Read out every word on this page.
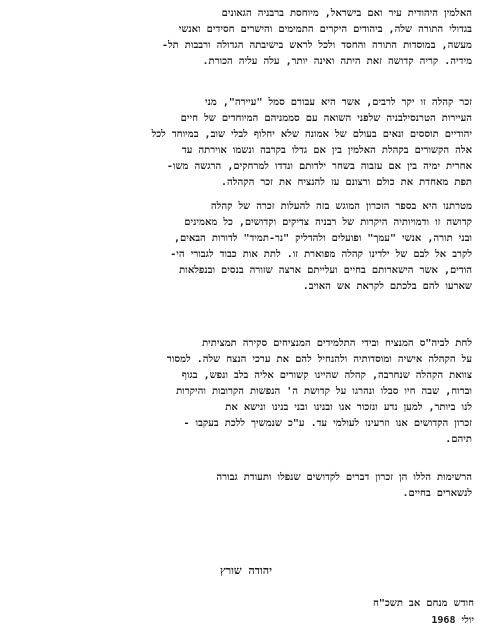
האלמין היהודית עיר ואם בישראל, מיוחסת ברבניה הגאונים
בגדולי התורה שלה, ביהודים היקרים התמימים והישרים חסידים ואנשי
מעשה, במוסדות התורה והחסד ולכל לראש בישיבתה הגדולה ורבבות תל-
מידיה. קריה קדושה זאת היתה ואינה יותר, עלה עליה הכורת.

זכר קהלה זו יקר לרבים, אשר היא עבורם סמל "עיירה", מני
העיירות הטרנסילבניה שלפני השואה עם סממניהם המיוחדים של חיים
יהודיים תוססים ונאים בעולם של אמונה שלא יחלוף לבלי שוב, במיוחד לכל
אלה הקשורים בקהלת האלמין בין אם גדלו בקרבה ונשמו אוירתה עד
אחרית ימיה בין אם עזבוה בשחר ילדותם ונדדו למרחקים, הרגשה משו-
תפת מאחדת את כולם ורצונם עז להנציח את זכר הקהלה.

מטרתנו היא בספר הזכרון המוגש בזה להעלות זכרה של קהלה
קדושה זו ודמויותיה היקרות של רבניה צדיקים וקדושים, כל מאמינים
ובני תורה, אנשי "עמך" ופועלים ולהדליק "נר-תמיד" לדורות הבאים,
לקרב אל לבם של ילדינו קהלה מפוארת זו. לתת אות כבוד לגבורי הי-
הודים, אשר הישארותם בחיים ועלייתם ארצה שזורה בנסים ובנפלאות
שארעו להם בלכתם לקראת אש האויב.

לחת לביה"ס המנציח ובידי התלמידים המנציחים סקירה תמציתית
על הקהלה אישיה ומוסדותיה ולהנחיל להם את ערכי הנצח שלה. למסור
צוואת הקהלה שנחרבה, קהלה שהיינו קשורים אליה בלב ונפש, בגוף
וברוח, שבה חיו סבלו ונהרגו על קדושת ה' הנפשות הקרובות והיקרות
לנו ביותר, למען נדע ונזכור אנו ובנינו ובני בנינו ונישא את
זכרון הקדושים אנו וזרעינו לעולמי עד. ע"כ שנמשיך ללכת בעקבו -
תיהם.

הרשימות הללו הן זכרון דברים לקדושים שנפלו ותעודת גבורה
לנשארים בחיים.

יהודה שורץ
חודש מנחם אב תשכ"ח
יולי 1968
